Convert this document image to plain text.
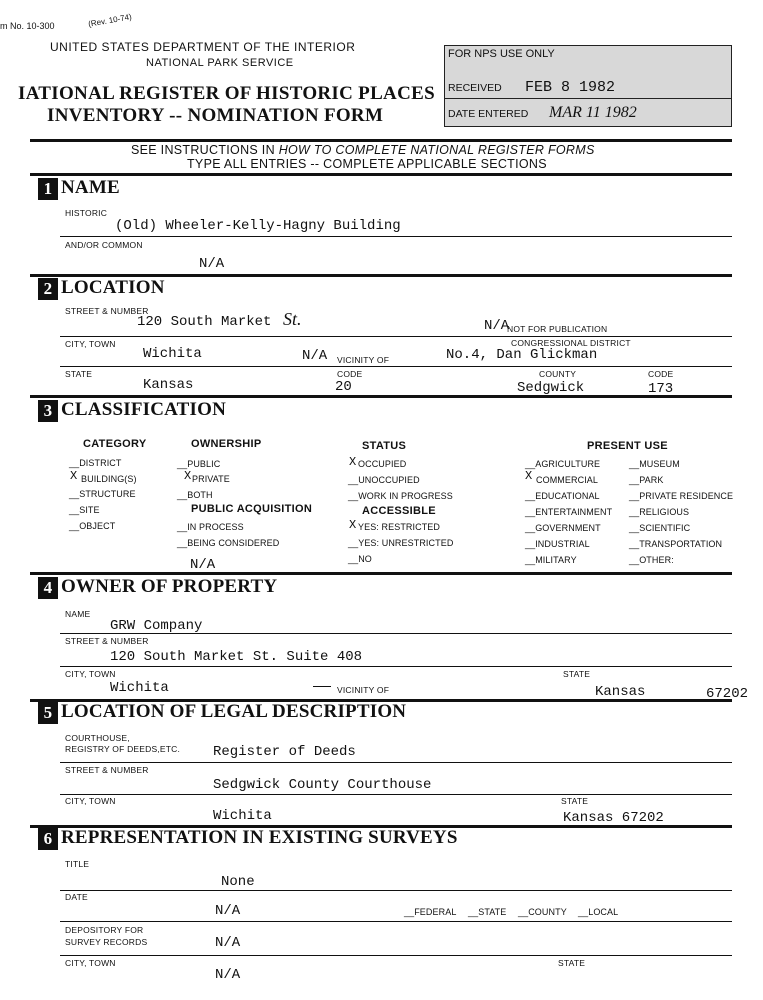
m No. 10-300	(Rev. 10-74)
UNITED STATES DEPARTMENT OF THE INTERIOR
NATIONAL PARK SERVICE
IATIONAL REGISTER OF HISTORIC PLACES
INVENTORY -- NOMINATION FORM
FOR NPS USE ONLY
RECEIVED FEB 8 1982
DATE ENTERED MAR 11 1982
SEE INSTRUCTIONS IN HOW TO COMPLETE NATIONAL REGISTER FORMS
TYPE ALL ENTRIES -- COMPLETE APPLICABLE SECTIONS
1 NAME
HISTORIC
(Old) Wheeler-Kelly-Hagny Building
AND/OR COMMON
N/A
2 LOCATION
STREET & NUMBER
120 South Market St.	N/A
NOT FOR PUBLICATION
CITY, TOWN	CONGRESSIONAL DISTRICT
Wichita	N/A VICINITY OF	No.4, Dan Glickman
STATE	CODE	COUNTY	CODE
Kansas	20	Sedgwick	173
3 CLASSIFICATION
CATEGORY
__DISTRICT
X BUILDING(S)
__STRUCTURE
__SITE
__OBJECT
OWNERSHIP
__PUBLIC
X PRIVATE
__BOTH
PUBLIC ACQUISITION
__IN PROCESS
__BEING CONSIDERED
N/A
STATUS
X OCCUPIED
__UNOCCUPIED
__WORK IN PROGRESS
ACCESSIBLE
X YES: RESTRICTED
__YES: UNRESTRICTED
__NO
PRESENT USE
__AGRICULTURE
X COMMERCIAL
__EDUCATIONAL
__ENTERTAINMENT
__GOVERNMENT
__INDUSTRIAL
__MILITARY
__MUSEUM
__PARK
__PRIVATE RESIDENCE
__RELIGIOUS
__SCIENTIFIC
__TRANSPORTATION
__OTHER:
4 OWNER OF PROPERTY
NAME
GRW Company
STREET & NUMBER
120 South Market St. Suite 408
CITY, TOWN	STATE
Wichita	VICINITY OF	Kansas	67202
5 LOCATION OF LEGAL DESCRIPTION
COURTHOUSE,
REGISTRY OF DEEDS,ETC. Register of Deeds
STREET & NUMBER
Sedgwick County Courthouse
CITY, TOWN	STATE
Wichita	Kansas 67202
6 REPRESENTATION IN EXISTING SURVEYS
TITLE
None
DATE
N/A	__FEDERAL __STATE __COUNTY __LOCAL
DEPOSITORY FOR
SURVEY RECORDS	N/A
CITY, TOWN	STATE
N/A
